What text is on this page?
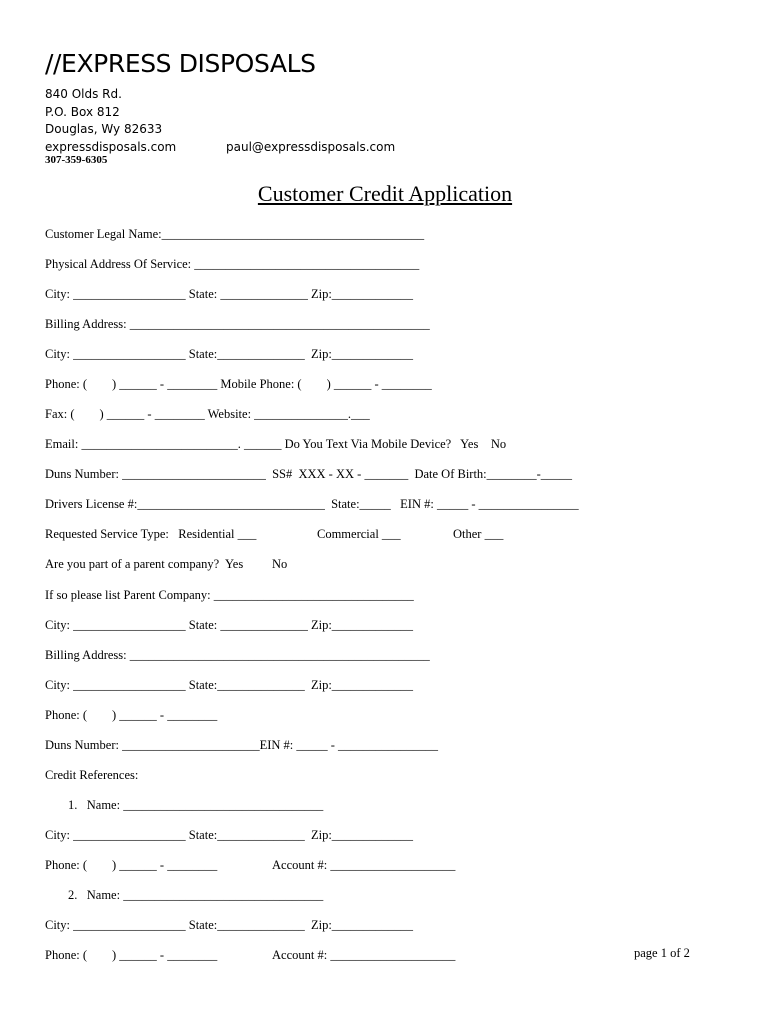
//EXPRESS DISPOSALS
840 Olds Rd.
P.O. Box 812
Douglas, Wy 82633
expressdisposals.com	paul@expressdisposals.com
307-359-6305
Customer Credit Application
Customer Legal Name:__________________________________________
Physical Address Of Service: ____________________________________
City: __________________ State: ______________ Zip:_____________
Billing Address: ________________________________________________
City: __________________ State:______________  Zip:_____________
Phone: (        ) ______ - ________ Mobile Phone: (        ) ______ - ________
Fax: (        ) ______ - ________ Website: _______________.___
Email: _________________________. ______ Do You Text Via Mobile Device?   Yes    No
Duns Number: _______________________  SS#  XXX - XX - _______  Date Of Birth:________-_____
Drivers License #:______________________________  State:_____   EIN #: _____ - ________________
Requested Service Type:   Residential ___	Commercial ___	Other ___
Are you part of a parent company?  Yes No
If so please list Parent Company: ________________________________
City: __________________ State: ______________ Zip:_____________
Billing Address: ________________________________________________
City: __________________ State:______________  Zip:_____________
Phone: (        ) ______ - ________
Duns Number: ______________________EIN #: _____ - ________________
Credit References:
1.   Name: ________________________________
City: __________________ State:______________  Zip:_____________
Phone: (        ) ______ - ________	Account #: ____________________
2.   Name: ________________________________
City: __________________ State:______________  Zip:_____________
Phone: (        ) ______ - ________	Account #: ____________________	page 1 of 2
